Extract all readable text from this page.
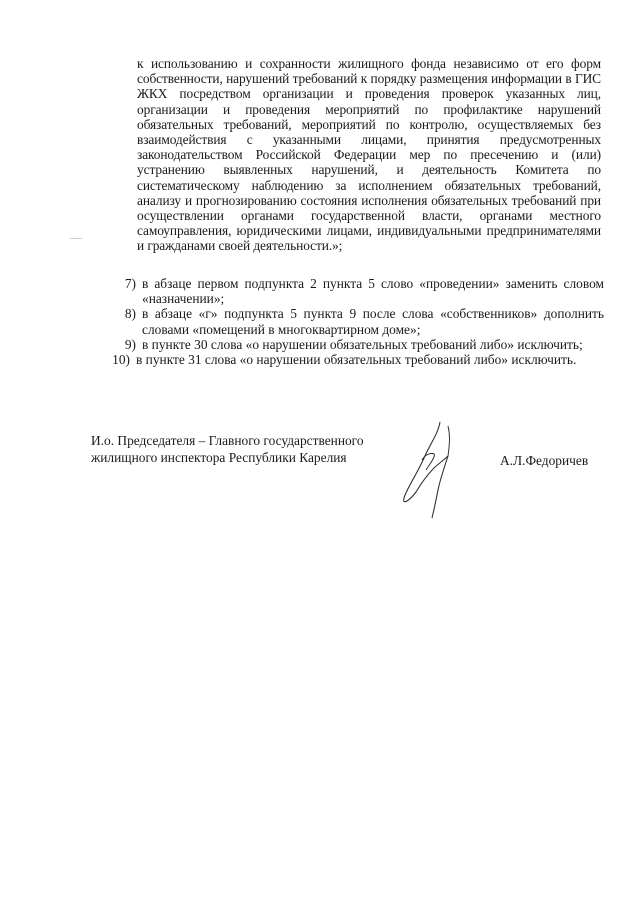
к использованию и сохранности жилищного фонда независимо от его форм собственности, нарушений требований к порядку размещения информации в ГИС ЖКХ посредством организации и проведения проверок указанных лиц, организации и проведения мероприятий по профилактике нарушений обязательных требований, мероприятий по контролю, осуществляемых без взаимодействия с указанными лицами, принятия предусмотренных законодательством Российской Федерации мер по пресечению и (или) устранению выявленных нарушений, и деятельность Комитета по систематическому наблюдению за исполнением обязательных требований, анализу и прогнозированию состояния исполнения обязательных требований при осуществлении органами государственной власти, органами местного самоуправления, юридическими лицами, индивидуальными предпринимателями и гражданами своей деятельности.»;
7) в абзаце первом подпункта 2 пункта 5 слово «проведении» заменить словом «назначении»;
8) в абзаце «г» подпункта 5 пункта 9 после слова «собственников» дополнить словами «помещений в многоквартирном доме»;
9) в пункте 30 слова «о нарушении обязательных требований либо» исключить;
10) в пункте 31 слова «о нарушении обязательных требований либо» исключить.
И.о. Председателя – Главного государственного
жилищного инспектора Республики Карелия	А.Л.Федоричев
